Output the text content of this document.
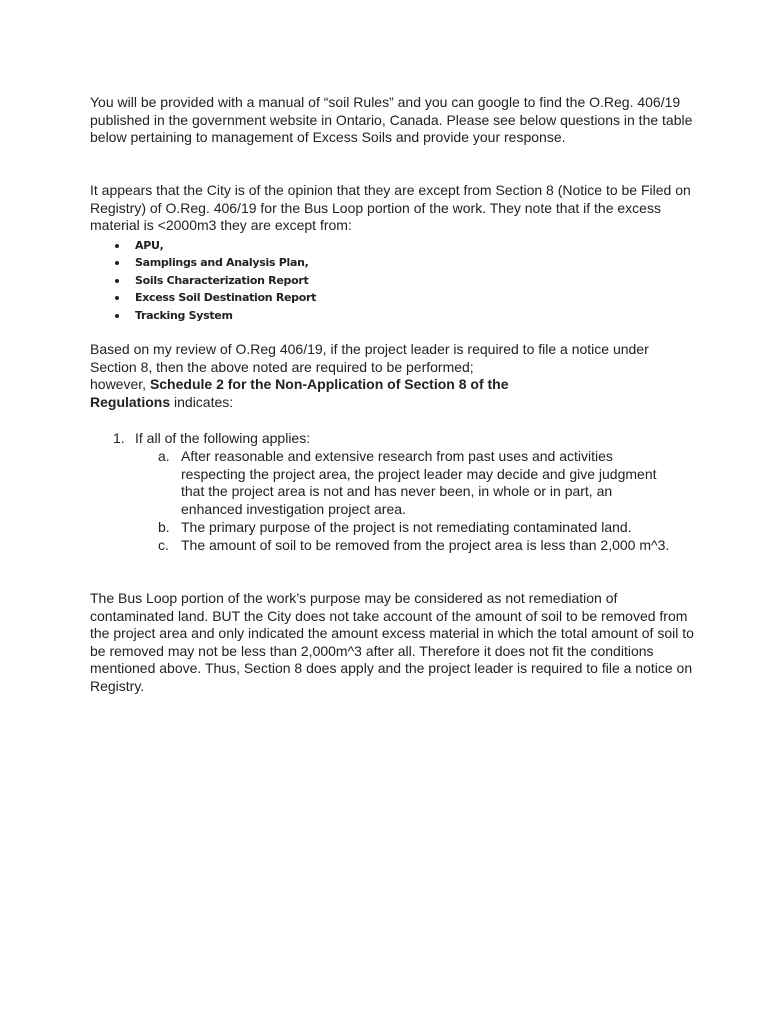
You will be provided with a manual of “soil Rules” and you can google to find the O.Reg. 406/19 published in the government website in Ontario, Canada. Please see below questions in the table below pertaining to management of Excess Soils and provide your response.

It appears that the City is of the opinion that they are except from Section 8 (Notice to be Filed on Registry) of O.Reg. 406/19 for the Bus Loop portion of the work. They note that if the excess material is <2000m3 they are except from:

APU,
Samplings and Analysis Plan,
Soils Characterization Report
Excess Soil Destination Report
Tracking System
Based on my review of O.Reg 406/19, if the project leader is required to file a notice under Section 8, then the above noted are required to be performed;
however, Schedule 2 for the Non-Application of Section 8 of the Regulations indicates:
1. If all of the following applies:
a. After reasonable and extensive research from past uses and activities respecting the project area, the project leader may decide and give judgment that the project area is not and has never been, in whole or in part, an enhanced investigation project area.
b. The primary purpose of the project is not remediating contaminated land.
c. The amount of soil to be removed from the project area is less than 2,000 m^3.

The Bus Loop portion of the work’s purpose may be considered as not remediation of contaminated land. BUT the City does not take account of the amount of soil to be removed from the project area and only indicated the amount excess material in which the total amount of soil to be removed may not be less than 2,000m^3 after all. Therefore it does not fit the conditions mentioned above. Thus, Section 8 does apply and the project leader is required to file a notice on Registry.
